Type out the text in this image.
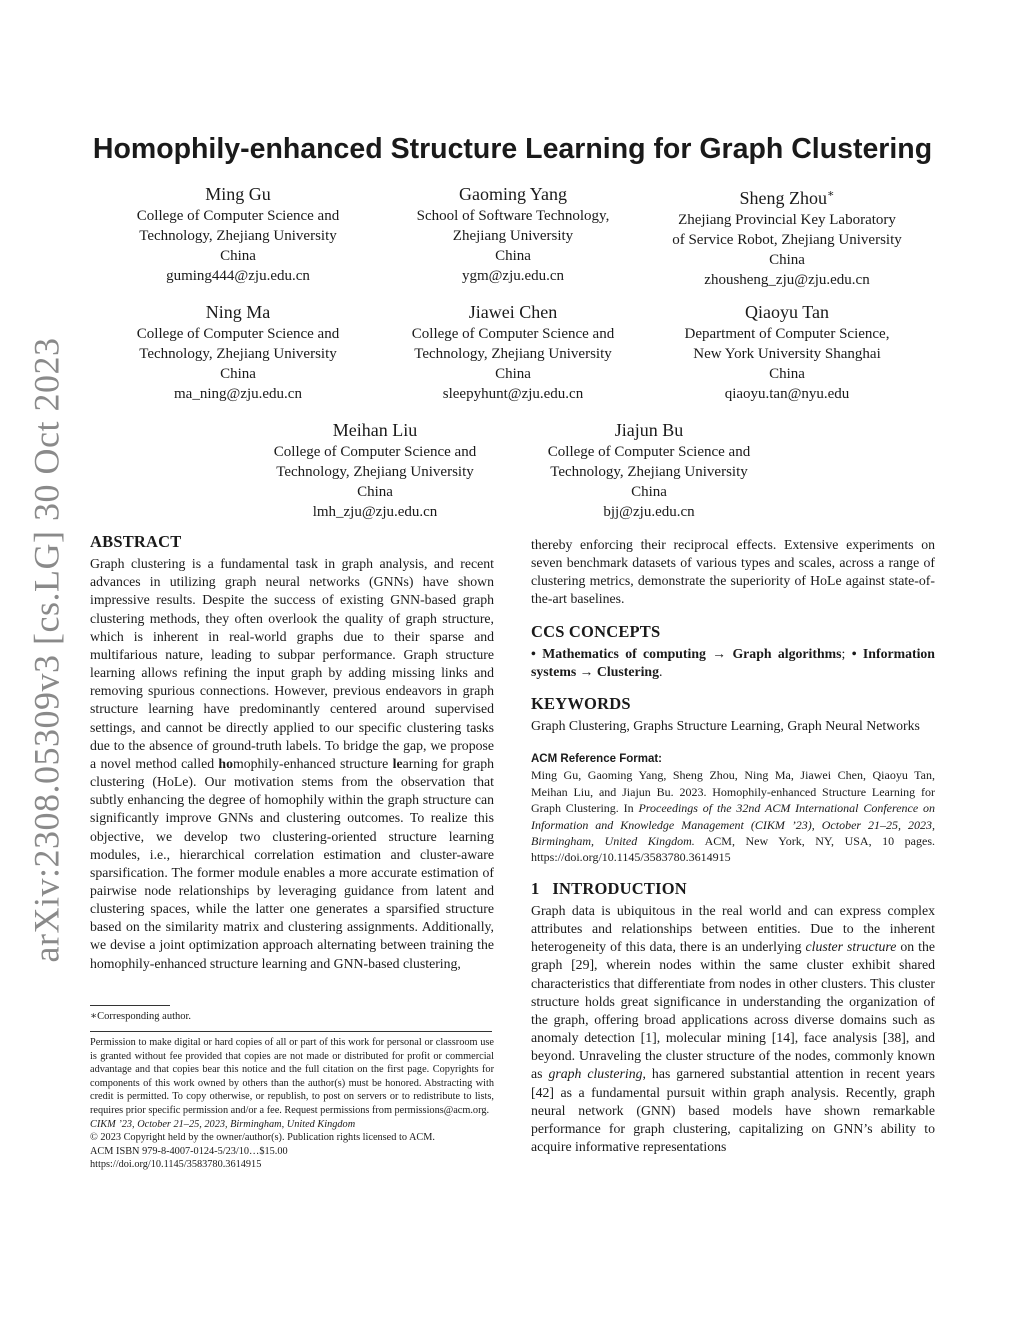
arXiv:2308.05309v3 [cs.LG] 30 Oct 2023
Homophily-enhanced Structure Learning for Graph Clustering
Ming Gu
College of Computer Science and
Technology, Zhejiang University
China
guming444@zju.edu.cn
Gaoming Yang
School of Software Technology,
Zhejiang University
China
ygm@zju.edu.cn
Sheng Zhou∗
Zhejiang Provincial Key Laboratory
of Service Robot, Zhejiang University
China
zhousheng_zju@zju.edu.cn
Ning Ma
College of Computer Science and
Technology, Zhejiang University
China
ma_ning@zju.edu.cn
Jiawei Chen
College of Computer Science and
Technology, Zhejiang University
China
sleepyhunt@zju.edu.cn
Qiaoyu Tan
Department of Computer Science,
New York University Shanghai
China
qiaoyu.tan@nyu.edu
Meihan Liu
College of Computer Science and
Technology, Zhejiang University
China
lmh_zju@zju.edu.cn
Jiajun Bu
College of Computer Science and
Technology, Zhejiang University
China
bjj@zju.edu.cn
ABSTRACT

Graph clustering is a fundamental task in graph analysis, and recent advances in utilizing graph neural networks (GNNs) have shown impressive results. Despite the success of existing GNN-based graph clustering methods, they often overlook the quality of graph structure, which is inherent in real-world graphs due to their sparse and multifarious nature, leading to subpar performance. Graph structure learning allows refining the input graph by adding missing links and removing spurious connections. However, previous endeavors in graph structure learning have predominantly centered around supervised settings, and cannot be directly applied to our specific clustering tasks due to the absence of ground-truth labels. To bridge the gap, we propose a novel method called homophily-enhanced structure learning for graph clustering (HoLe). Our motivation stems from the observation that subtly enhancing the degree of homophily within the graph structure can significantly improve GNNs and clustering outcomes. To realize this objective, we develop two clustering-oriented structure learning modules, i.e., hierarchical correlation estimation and cluster-aware sparsification. The former module enables a more accurate estimation of pairwise node relationships by leveraging guidance from latent and clustering spaces, while the latter one generates a sparsified structure based on the similarity matrix and clustering assignments. Additionally, we devise a joint optimization approach alternating between training the homophily-enhanced structure learning and GNN-based clustering,

∗Corresponding author.

Permission to make digital or hard copies of all or part of this work for personal or classroom use is granted without fee provided that copies are not made or distributed for profit or commercial advantage and that copies bear this notice and the full citation on the first page. Copyrights for components of this work owned by others than the author(s) must be honored. Abstracting with credit is permitted. To copy otherwise, or republish, to post on servers or to redistribute to lists, requires prior specific permission and/or a fee. Request permissions from permissions@acm.org.

CIKM ’23, October 21–25, 2023, Birmingham, United Kingdom

© 2023 Copyright held by the owner/author(s). Publication rights licensed to ACM.

ACM ISBN 979-8-4007-0124-5/23/10…$15.00

https://doi.org/10.1145/3583780.3614915

thereby enforcing their reciprocal effects. Extensive experiments on seven benchmark datasets of various types and scales, across a range of clustering metrics, demonstrate the superiority of HoLe against state-of-the-art baselines.

CCS CONCEPTS

• Mathematics of computing → Graph algorithms; • Information systems → Clustering.

KEYWORDS

Graph Clustering, Graphs Structure Learning, Graph Neural Networks

ACM Reference Format:

Ming Gu, Gaoming Yang, Sheng Zhou, Ning Ma, Jiawei Chen, Qiaoyu Tan, Meihan Liu, and Jiajun Bu. 2023. Homophily-enhanced Structure Learning for Graph Clustering. In Proceedings of the 32nd ACM International Conference on Information and Knowledge Management (CIKM ’23), October 21–25, 2023, Birmingham, United Kingdom. ACM, New York, NY, USA, 10 pages. https://doi.org/10.1145/3583780.3614915

1   INTRODUCTION

Graph data is ubiquitous in the real world and can express complex attributes and relationships between entities. Due to the inherent heterogeneity of this data, there is an underlying cluster structure on the graph [29], wherein nodes within the same cluster exhibit shared characteristics that differentiate from nodes in other clusters. This cluster structure holds great significance in understanding the organization of the graph, offering broad applications across diverse domains such as anomaly detection [1], molecular mining [14], face analysis [38], and beyond. Unraveling the cluster structure of the nodes, commonly known as graph clustering, has garnered substantial attention in recent years [42] as a fundamental pursuit within graph analysis. Recently, graph neural network (GNN) based models have shown remarkable performance for graph clustering, capitalizing on GNN’s ability to acquire informative representations
